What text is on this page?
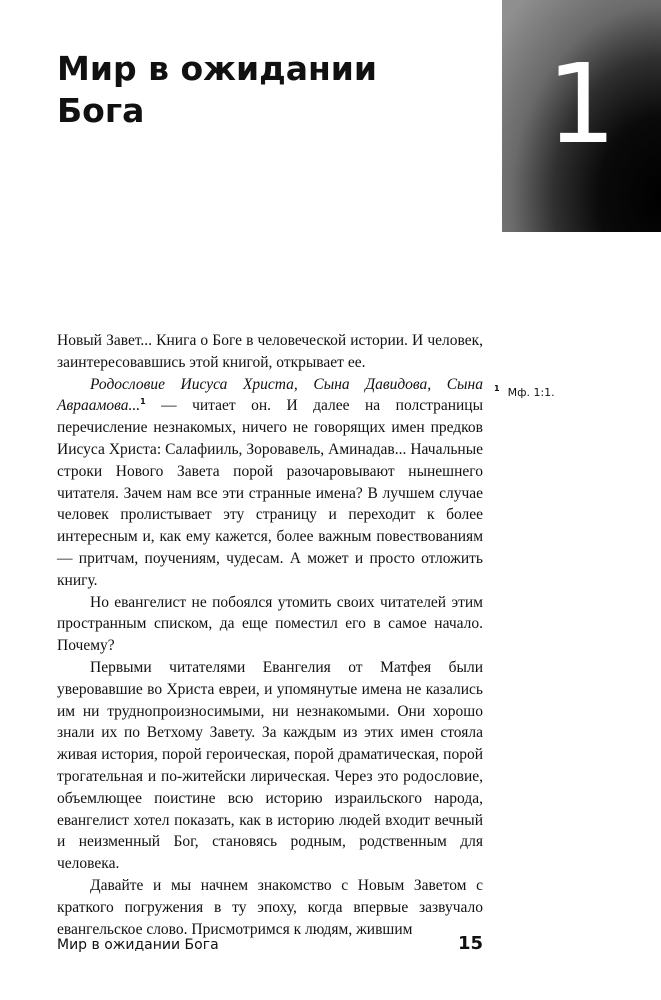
Мир в ожидании Бога	1

Новый Завет... Книга о Боге в человеческой истории. И человек, заинтересовавшись этой книгой, открывает ее.

Родословие Иисуса Христа, Сына Давидова, Сына Авраамова...$^1$ — читает он. И далее на полстраницы перечисление незнакомых, ничего не говорящих имен предков Иисуса Христа: Салафииль, Зоровавель, Аминадав... Начальные строки Нового Завета порой разочаровывают нынешнего читателя. Зачем нам все эти странные имена? В лучшем случае человек пролистывает эту страницу и переходит к более интересным и, как ему кажется, более важным повествованиям — притчам, поучениям, чудесам. А может и просто отложить книгу.

Но евангелист не побоялся утомить своих читателей этим пространным списком, да еще поместил его в самое начало. Почему?

Первыми читателями Евангелия от Матфея были уверовавшие во Христа евреи, и упомянутые имена не казались им ни труднопроизносимыми, ни незнакомыми. Они хорошо знали их по Ветхому Завету. За каждым из этих имен стояла живая история, порой героическая, порой драматическая, порой трогательная и по-житейски лирическая. Через это родословие, объемлющее поистине всю историю израильского народа, евангелист хотел показать, как в историю людей входит вечный и неизменный Бог, становясь родным, родственным для человека.

Давайте и мы начнем знакомство с Новым Заветом с краткого погружения в ту эпоху, когда впервые зазвучало евангельское слово. Присмотримся к людям, жившим

$^1$ Мф. 1:1.
Мир в ожидании Бога	15
